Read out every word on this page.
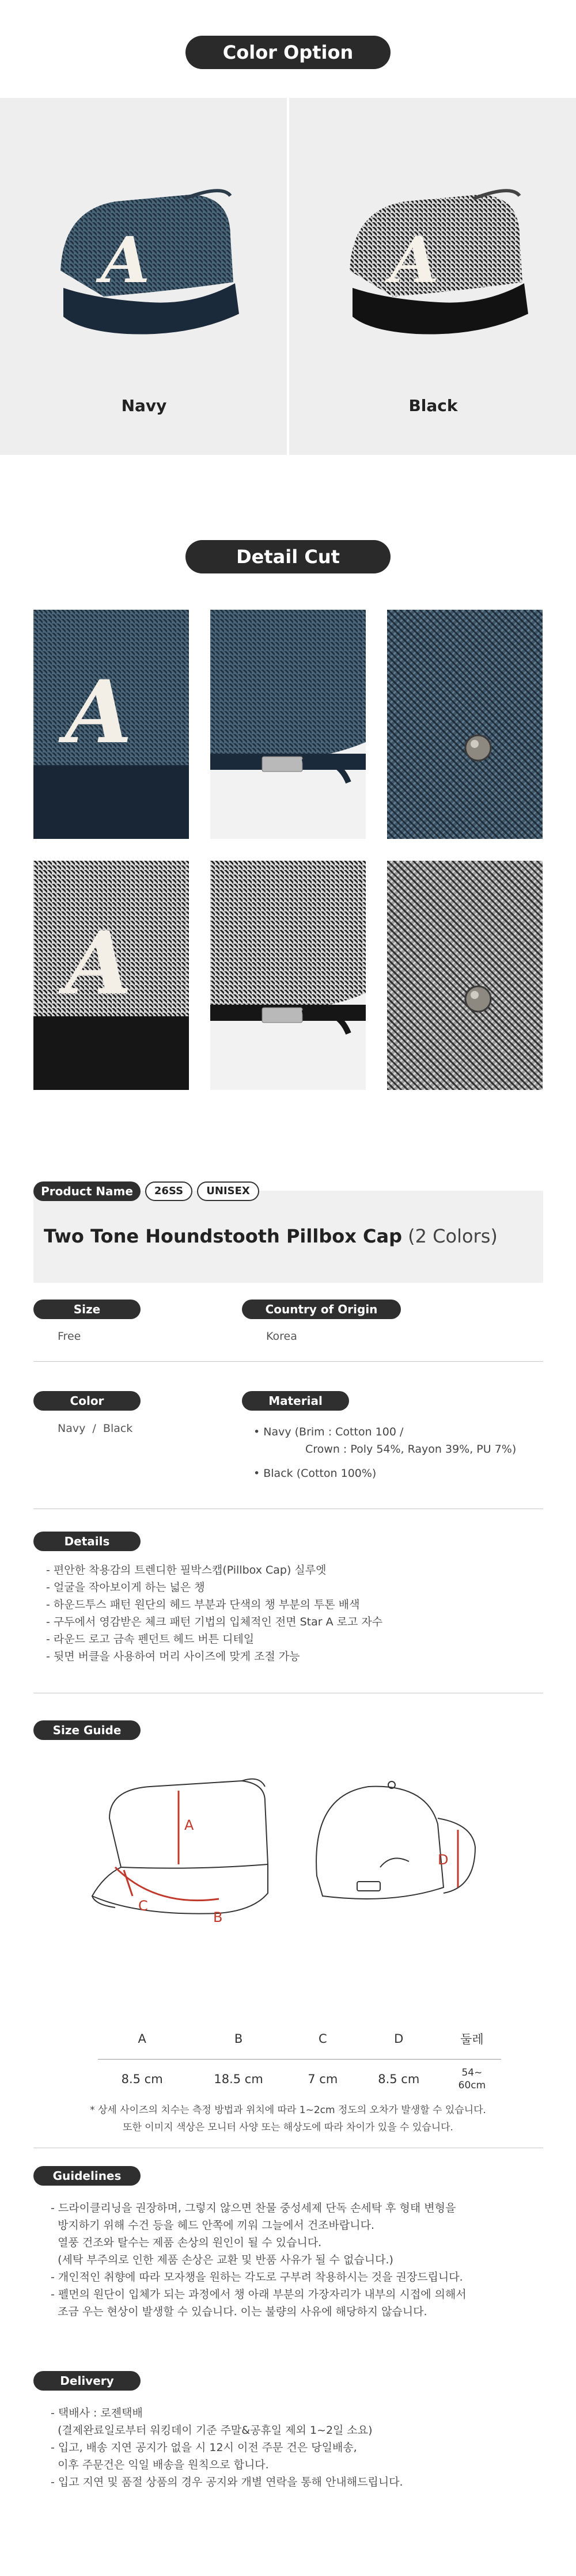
Color Option
A	A
Navy	Black
Detail Cut
A
A
Product Name	26SS	UNISEX
Two Tone Houndstooth Pillbox Cap (2 Colors)
Size
Free
Country of Origin
Korea
Color
Navy  /  Black
Material
• Navy (Brim : Cotton 100 /
Crown : Poly 54%, Rayon 39%, PU 7%)
• Black (Cotton 100%)
Details
- 편안한 착용감의 트렌디한 필박스캡(Pillbox Cap) 실루엣
- 얼굴을 작아보이게 하는 넓은 챙
- 하운드투스 패턴 원단의 헤드 부분과 단색의 챙 부분의 투톤 배색
- 구두에서 영감받은 체크 패턴 기법의 입체적인 전면 Star A 로고 자수
- 라운드 로고 금속 펜던트 헤드 버튼 디테일
- 뒷면 버클을 사용하여 머리 사이즈에 맞게 조절 가능
Size Guide
A
B
C
D
A	B	C	D	둘레
8.5 cm	18.5 cm	7 cm	8.5 cm	54~
60cm
* 상세 사이즈의 치수는 측정 방법과 위치에 따라 1~2cm 정도의 오차가 발생할 수 있습니다.
또한 이미지 색상은 모니터 사양 또는 해상도에 따라 차이가 있을 수 있습니다.
Guidelines
- 드라이클리닝을 권장하며, 그렇지 않으면 찬물 중성세제 단독 손세탁 후 형태 변형을
방지하기 위해 수건 등을 헤드 안쪽에 끼워 그늘에서 건조바랍니다.
열풍 건조와 탈수는 제품 손상의 원인이 될 수 있습니다.
(세탁 부주의로 인한 제품 손상은 교환 및 반품 사유가 될 수 없습니다.)
- 개인적인 취향에 따라 모자챙을 원하는 각도로 구부려 착용하시는 것을 권장드립니다.
- 펠먼의 원단이 입체가 되는 과정에서 챙 아래 부분의 가장자리가 내부의 시접에 의해서
조금 우는 현상이 발생할 수 있습니다. 이는 불량의 사유에 해당하지 않습니다.
Delivery
- 택배사 : 로젠택배
(결제완료일로부터 워킹데이 기준 주말&공휴일 제외 1~2일 소요)
- 입고, 배송 지연 공지가 없을 시 12시 이전 주문 건은 당일배송,
이후 주문건은 익일 배송을 원칙으로 합니다.
- 입고 지연 및 품절 상품의 경우 공지와 개별 연락을 통해 안내해드립니다.
